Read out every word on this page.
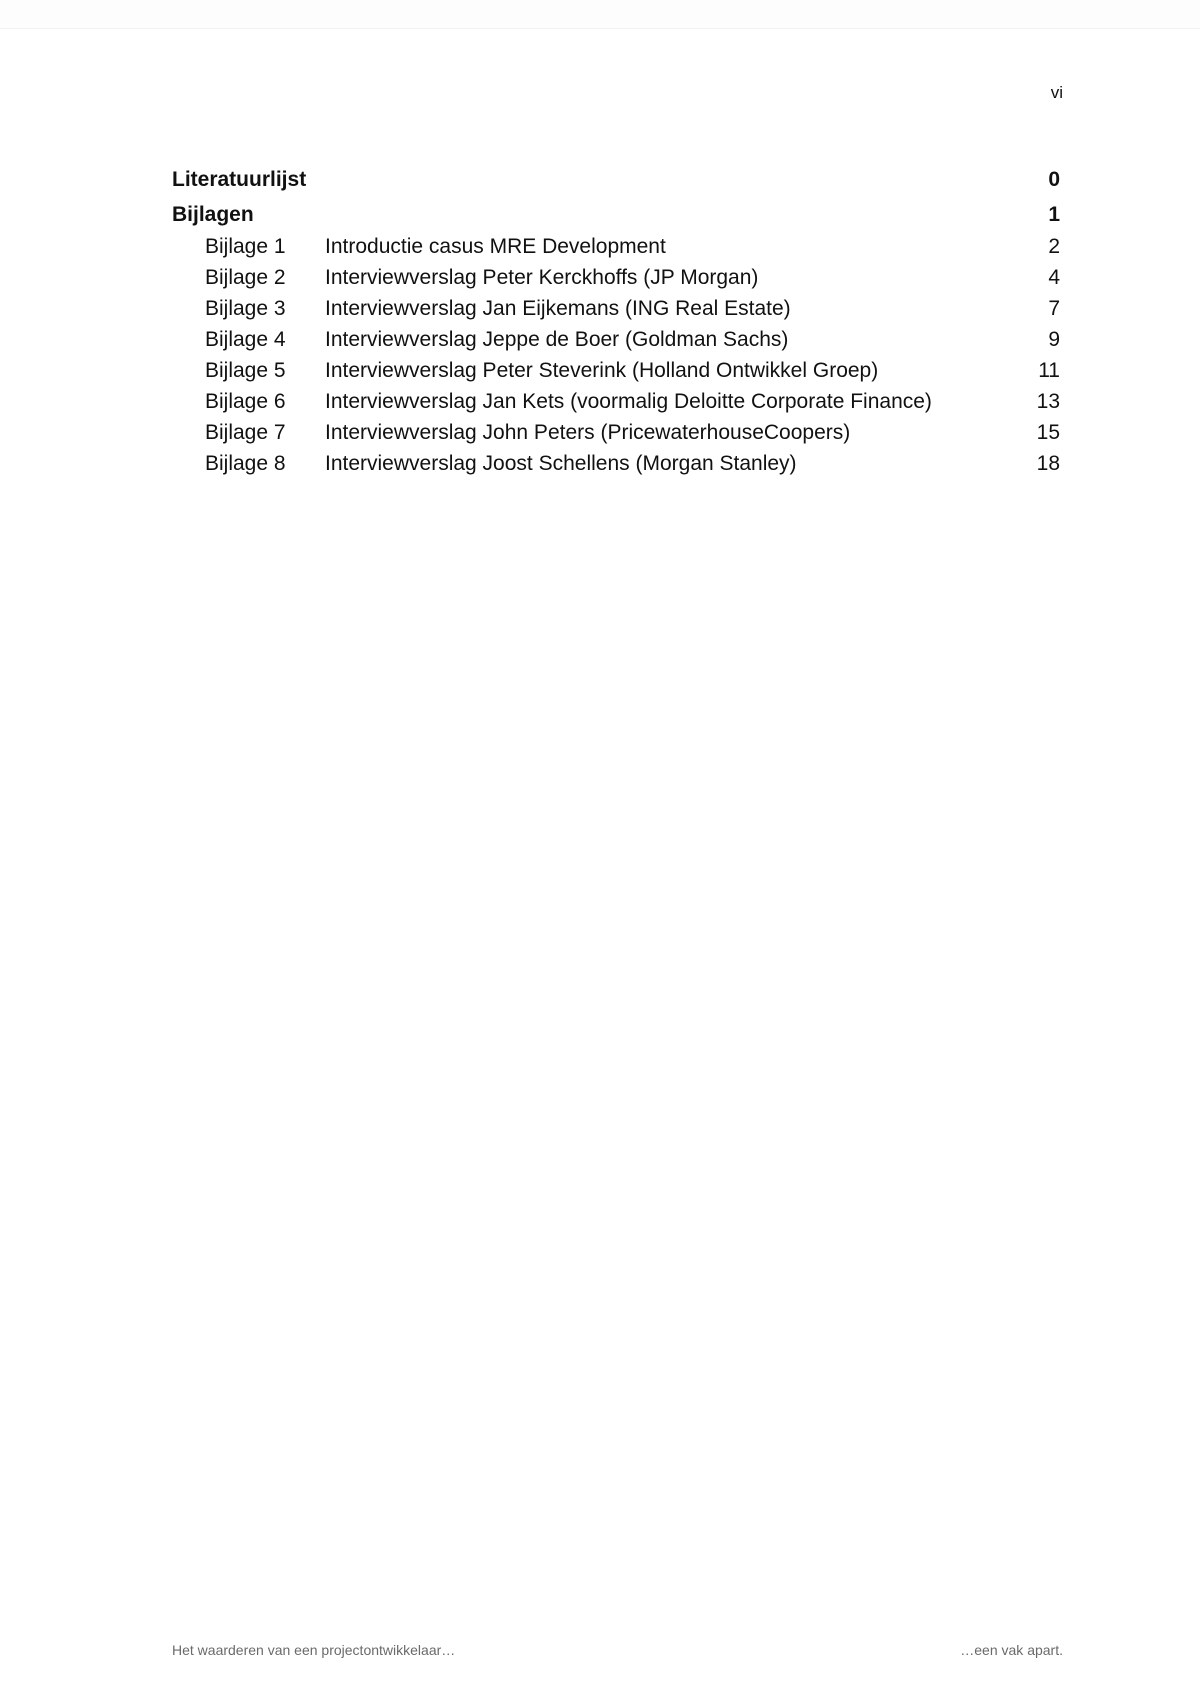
vi
Literatuurlijst	0
Bijlagen	1
Bijlage 1	Introductie casus MRE Development	2
Bijlage 2	Interviewverslag Peter Kerckhoffs (JP Morgan)	4
Bijlage 3	Interviewverslag Jan Eijkemans (ING Real Estate)	7
Bijlage 4	Interviewverslag Jeppe de Boer (Goldman Sachs)	9
Bijlage 5	Interviewverslag Peter Steverink (Holland Ontwikkel Groep)	11
Bijlage 6	Interviewverslag Jan Kets (voormalig Deloitte Corporate Finance)	13
Bijlage 7	Interviewverslag John Peters (PricewaterhouseCoopers)	15
Bijlage 8	Interviewverslag Joost Schellens (Morgan Stanley)	18
Het waarderen van een projectontwikkelaar…	…een vak apart.
